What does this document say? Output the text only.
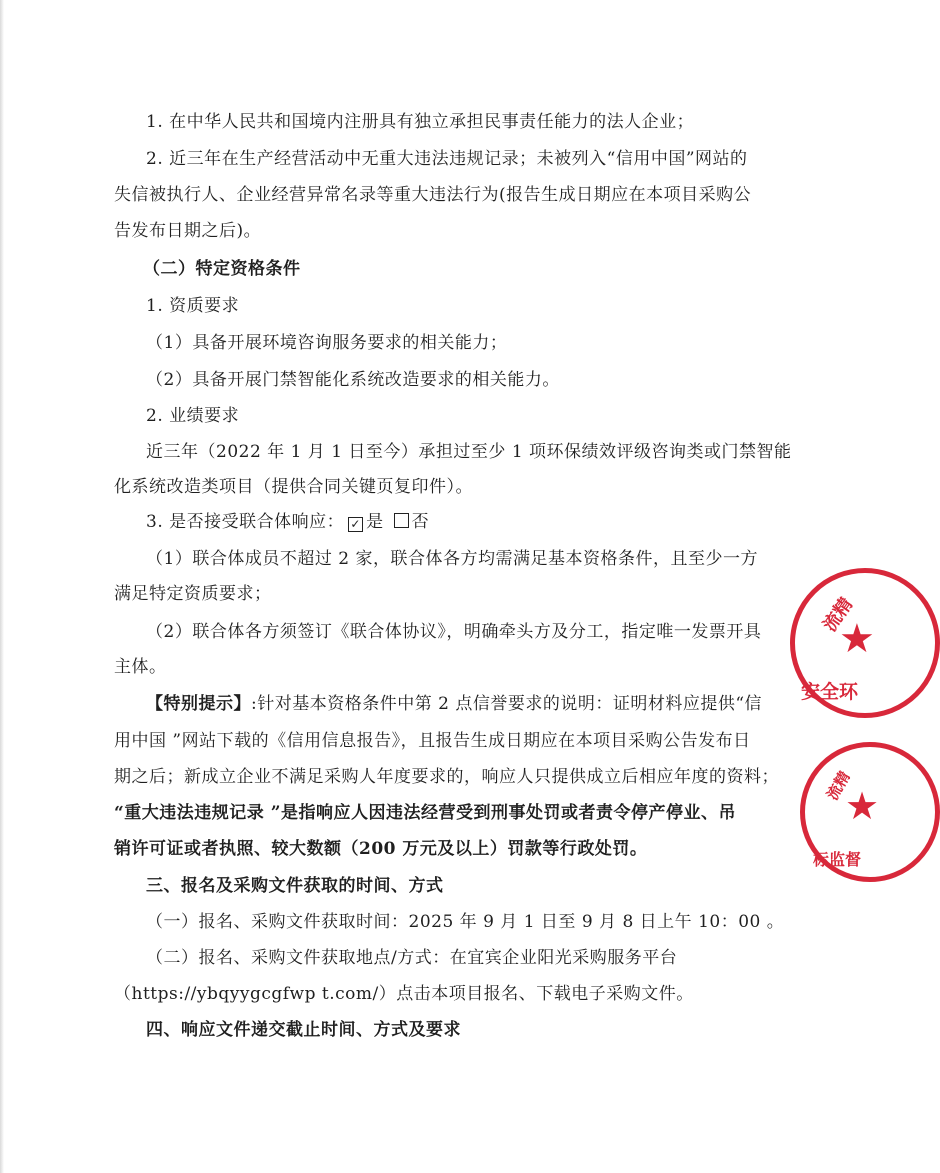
1. 在中华人民共和国境内注册具有独立承担民事责任能力的法人企业；
2. 近三年在生产经营活动中无重大违法违规记录；未被列入“信用中国”网站的
失信被执行人、企业经营异常名录等重大违法行为(报告生成日期应在本项目采购公
告发布日期之后)。
（二）特定资格条件
1. 资质要求
（1）具备开展环境咨询服务要求的相关能力；
（2）具备开展门禁智能化系统改造要求的相关能力。
2. 业绩要求
近三年（2022 年 1 月 1 日至今）承担过至少 1 项环保绩效评级咨询类或门禁智能
化系统改造类项目（提供合同关键页复印件）。
3. 是否接受联合体响应： ✓ 是 否
（1）联合体成员不超过 2 家，联合体各方均需满足基本资格条件，且至少一方
满足特定资质要求；
（2）联合体各方须签订《联合体协议》，明确牵头方及分工，指定唯一发票开具
主体。
【特别提示】:针对基本资格条件中第 2 点信誉要求的说明：证明材料应提供“信
用中国 ”网站下载的《信用信息报告》，且报告生成日期应在本项目采购公告发布日
期之后；新成立企业不满足采购人年度要求的，响应人只提供成立后相应年度的资料；
“重大违法违规记录 ”是指响应人因违法经营受到刑事处罚或者责令停产停业、吊
销许可证或者执照、较大数额（200 万元及以上）罚款等行政处罚。
三、报名及采购文件获取的时间、方式
（一）报名、采购文件获取时间：2025 年 9 月 1 日至 9 月 8 日上午 10：00 。
（二）报名、采购文件获取地点/方式：在宜宾企业阳光采购服务平台
（https://ybqyygcgfwp t.com/）点击本项目报名、下载电子采购文件。
四、响应文件递交截止时间、方式及要求
流精
★
安全环
流精
★
标监督
